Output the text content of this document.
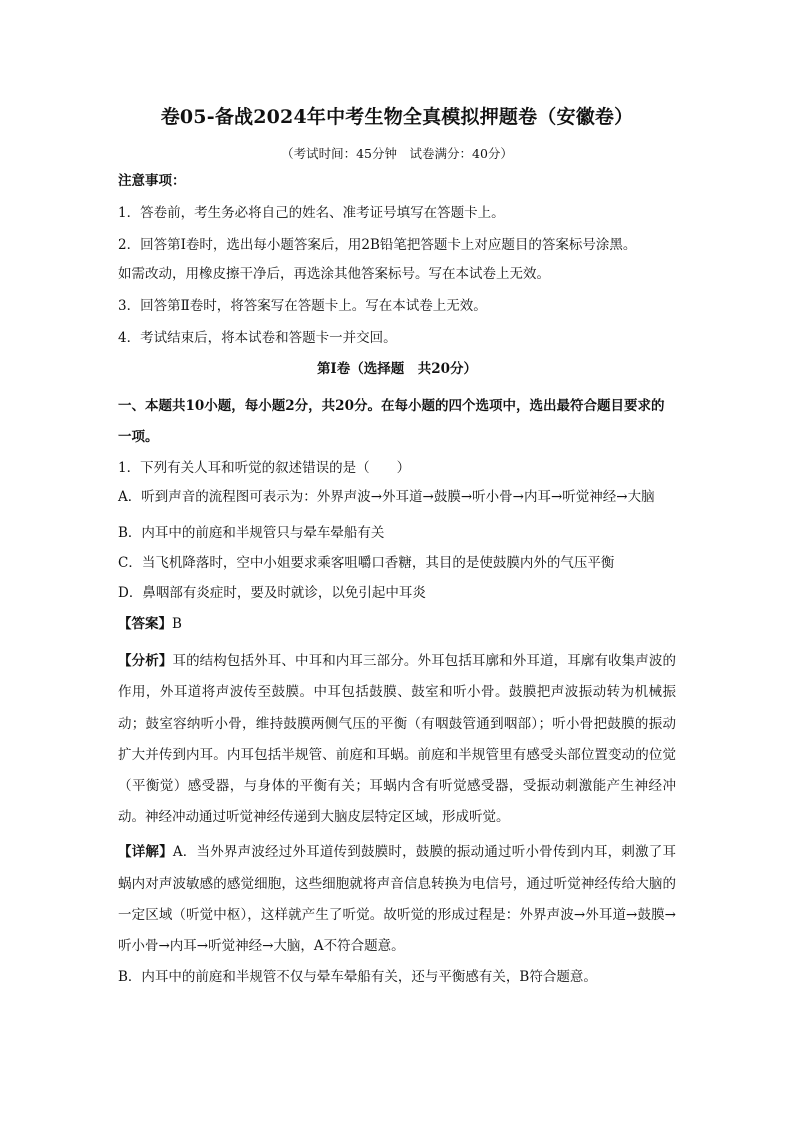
卷05-备战2024年中考生物全真模拟押题卷（安徽卷）
（考试时间：45分钟　试卷满分：40分）

注意事项：

1．答卷前，考生务必将自己的姓名、准考证号填写在答题卡上。

2．回答第Ⅰ卷时，选出每小题答案后，用2B铅笔把答题卡上对应题目的答案标号涂黑。

如需改动，用橡皮擦干净后，再选涂其他答案标号。写在本试卷上无效。

3．回答第Ⅱ卷时，将答案写在答题卡上。写在本试卷上无效。

4．考试结束后，将本试卷和答题卡一并交回。

第Ⅰ卷（选择题　共20分）

一、本题共10小题，每小题2分，共20分。在每小题的四个选项中，选出最符合题目要求的一项。

1．下列有关人耳和听觉的叙述错误的是（　　）

A．听到声音的流程图可表示为：外界声波→外耳道→鼓膜→听小骨→内耳→听觉神经→大脑

B．内耳中的前庭和半规管只与晕车晕船有关

C．当飞机降落时，空中小姐要求乘客咀嚼口香糖，其目的是使鼓膜内外的气压平衡

D．鼻咽部有炎症时，要及时就诊，以免引起中耳炎

【答案】B

【分析】耳的结构包括外耳、中耳和内耳三部分。外耳包括耳廓和外耳道，耳廓有收集声波的作用，外耳道将声波传至鼓膜。中耳包括鼓膜、鼓室和听小骨。鼓膜把声波振动转为机械振动；鼓室容纳听小骨，维持鼓膜两侧气压的平衡（有咽鼓管通到咽部）；听小骨把鼓膜的振动扩大并传到内耳。内耳包括半规管、前庭和耳蜗。前庭和半规管里有感受头部位置变动的位觉（平衡觉）感受器，与身体的平衡有关；耳蜗内含有听觉感受器，受振动刺激能产生神经冲动。神经冲动通过听觉神经传递到大脑皮层特定区域，形成听觉。

【详解】A．当外界声波经过外耳道传到鼓膜时，鼓膜的振动通过听小骨传到内耳，刺激了耳蜗内对声波敏感的感觉细胞，这些细胞就将声音信息转换为电信号，通过听觉神经传给大脑的一定区域（听觉中枢），这样就产生了听觉。故听觉的形成过程是：外界声波→外耳道→鼓膜→听小骨→内耳→听觉神经→大脑，A不符合题意。

B．内耳中的前庭和半规管不仅与晕车晕船有关，还与平衡感有关，B符合题意。
